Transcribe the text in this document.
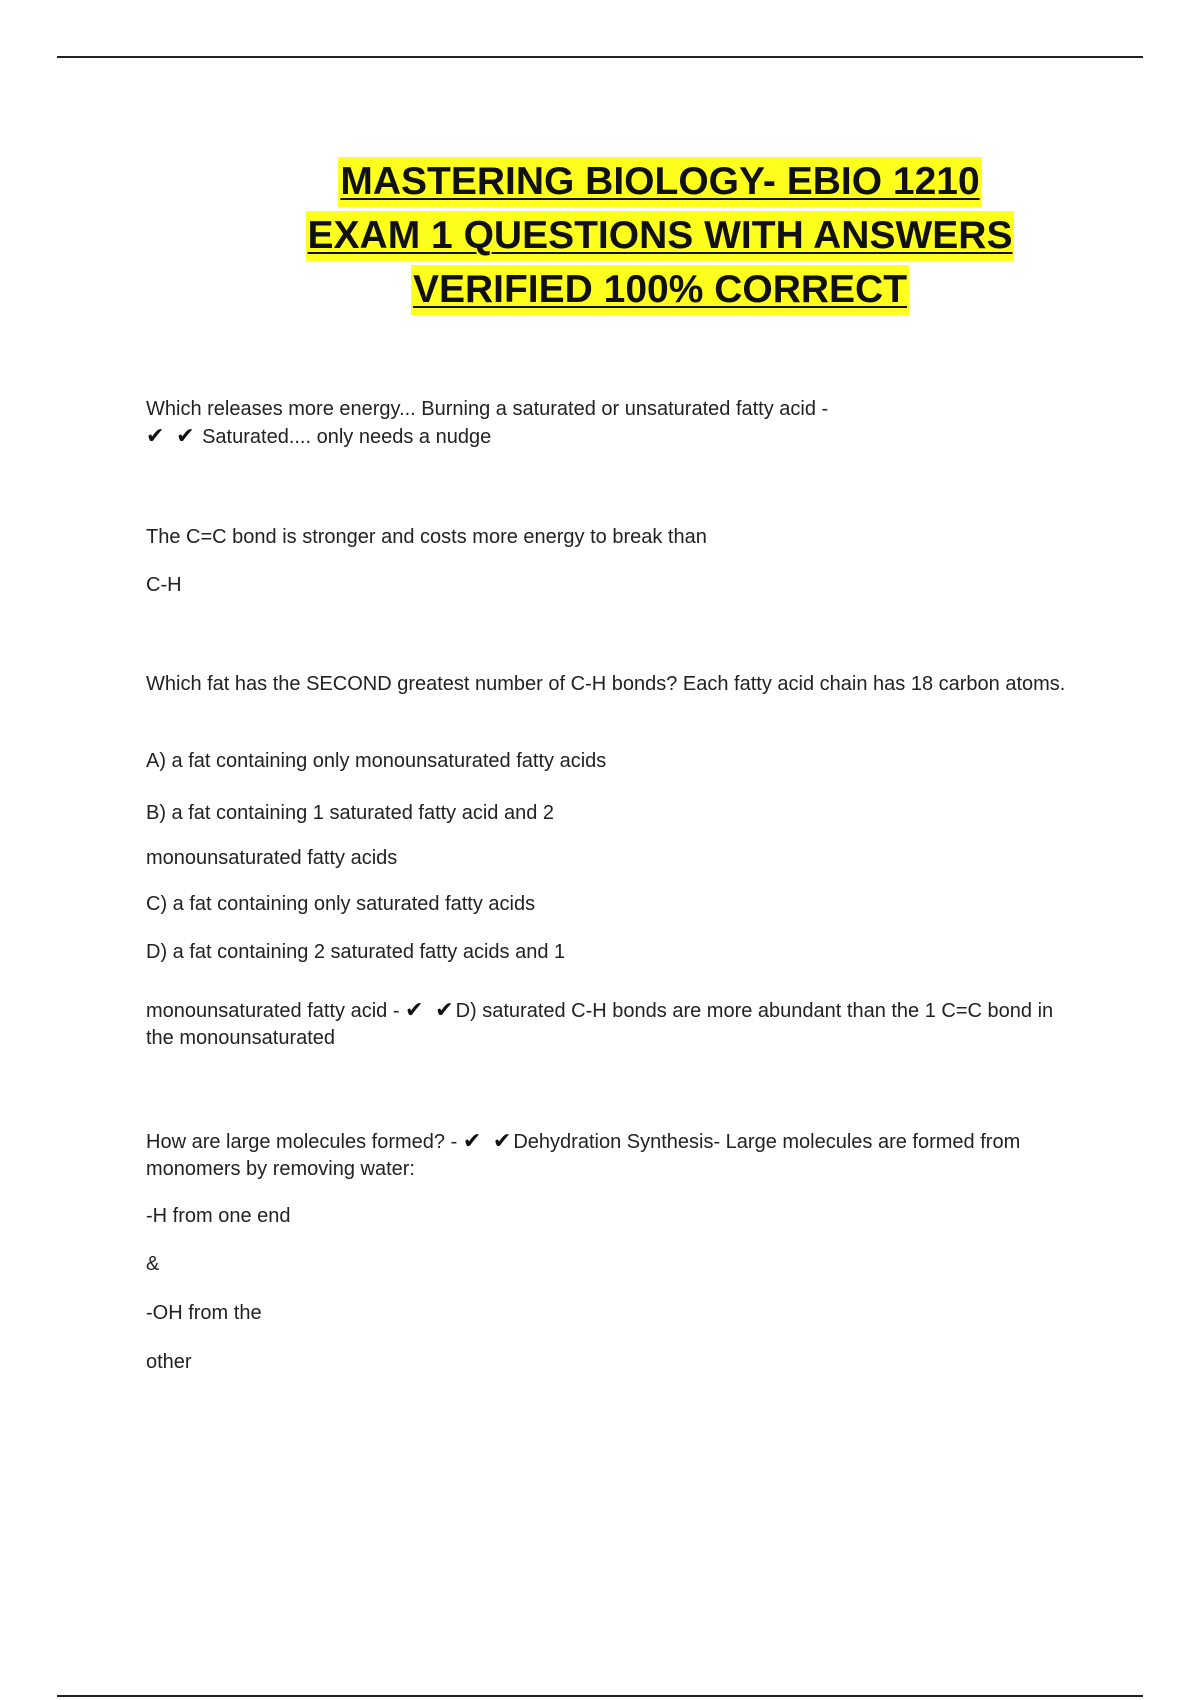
MASTERING BIOLOGY- EBIO 1210
EXAM 1 QUESTIONS WITH ANSWERS
VERIFIED 100% CORRECT
Which releases more energy... Burning a saturated or unsaturated fatty acid -
✔ ✔ Saturated.... only needs a nudge
The C=C bond is stronger and costs more energy to break than
C-H
Which fat has the SECOND greatest number of C-H bonds? Each fatty acid chain has 18 carbon atoms.
A) a fat containing only monounsaturated fatty acids
B) a fat containing 1 saturated fatty acid and 2
monounsaturated fatty acids
C) a fat containing only saturated fatty acids
D) a fat containing 2 saturated fatty acids and 1
monounsaturated fatty acid - ✔ ✔D) saturated C-H bonds are more abundant than the 1 C=C bond in the monounsaturated
How are large molecules formed? - ✔ ✔Dehydration Synthesis- Large molecules are formed from monomers by removing water:
-H from one end
&
-OH from the
other
